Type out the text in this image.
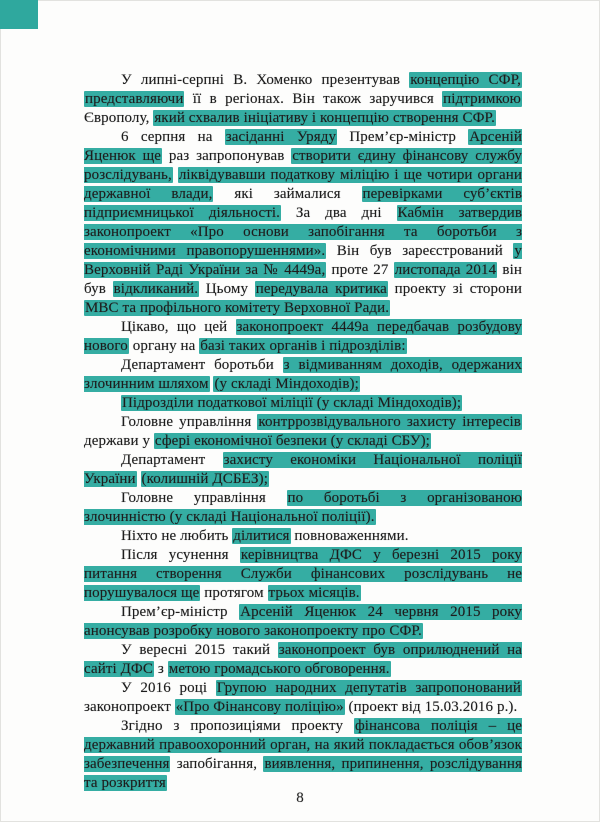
У липні-серпні В. Хоменко презентував концепцію СФР, представляючи її в регіонах. Він також заручився підтримкою Європолу, який схвалив ініціативу і концепцію створення СФР.

6 серпня на засіданні Уряду Прем’єр-міністр Арсеній Яценюк ще раз запропонував створити єдину фінансову службу розслідувань, ліквідувавши податкову міліцію і ще чотири органи державної влади, які займалися перевірками суб’єктів підприємницької діяльності. За два дні Кабмін затвердив законопроект «Про основи запобігання та боротьби з економічними правопорушеннями». Він був зареєстрований у Верховній Раді України за № 4449а, проте 27 листопада 2014 він був відкликаний. Цьому передувала критика проекту зі сторони МВС та профільного комітету Верховної Ради.

Цікаво, що цей законопроект 4449а передбачав розбудову нового органу на базі таких органів і підрозділів:

Департамент боротьби з відмиванням доходів, одержаних злочинним шляхом (у складі Міндоходів);

Підрозділи податкової міліції (у складі Міндоходів);

Головне управління контррозвідувального захисту інтересів держави у сфері економічної безпеки (у складі СБУ);

Департамент захисту економіки Національної поліції України (колишній ДСБЕЗ);

Головне управління по боротьбі з організованою злочинністю (у складі Національної поліції).

Ніхто не любить ділитися повноваженнями.

Після усунення керівництва ДФС у березні 2015 року питання створення Служби фінансових розслідувань не порушувалося ще протягом трьох місяців.

Прем’єр-міністр Арсеній Яценюк 24 червня 2015 року анонсував розробку нового законопроекту про СФР.

У вересні 2015 такий законопроект був оприлюднений на сайті ДФС з метою громадського обговорення.

У 2016 році Групою народних депутатів запропонований законопроект «Про Фінансову поліцію» (проект від 15.03.2016 р.).

Згідно з пропозиціями проекту фінансова поліція – це державний правоохоронний орган, на який покладається обов’язок забезпечення запобігання, виявлення, припинення, розслідування та розкриття

8
